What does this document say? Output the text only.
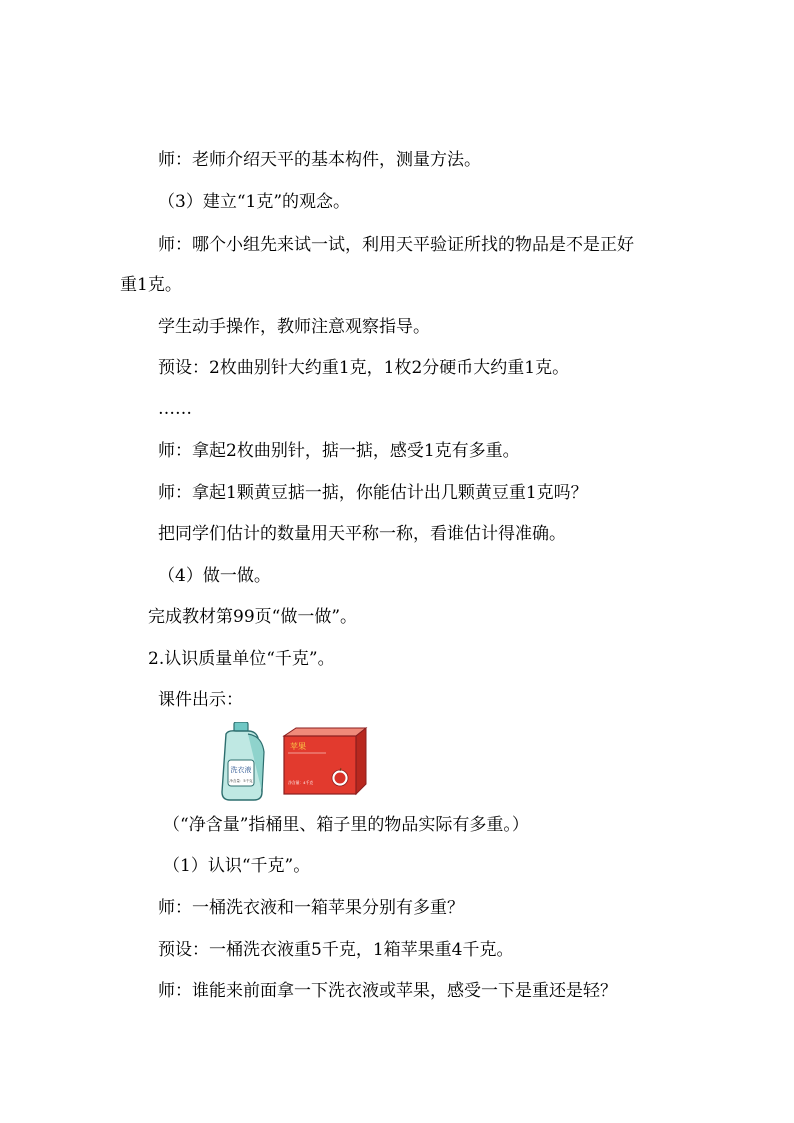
师：老师介绍天平的基本构件，测量方法。
（3）建立“1克”的观念。
师：哪个小组先来试一试，利用天平验证所找的物品是不是正好
重1克。
学生动手操作，教师注意观察指导。
预设：2枚曲别针大约重1克，1枚2分硬币大约重1克。
……
师：拿起2枚曲别针，掂一掂，感受1克有多重。
师：拿起1颗黄豆掂一掂，你能估计出几颗黄豆重1克吗？
把同学们估计的数量用天平称一称，看谁估计得准确。
（4）做一做。
完成教材第99页“做一做”。
2.认识质量单位“千克”。
课件出示：
洗衣液
净含量：5千克
苹果
净含量：4千克
（“净含量”指桶里、箱子里的物品实际有多重。）
（1）认识“千克”。
师：一桶洗衣液和一箱苹果分别有多重？
预设：一桶洗衣液重5千克，1箱苹果重4千克。
师：谁能来前面拿一下洗衣液或苹果，感受一下是重还是轻？
